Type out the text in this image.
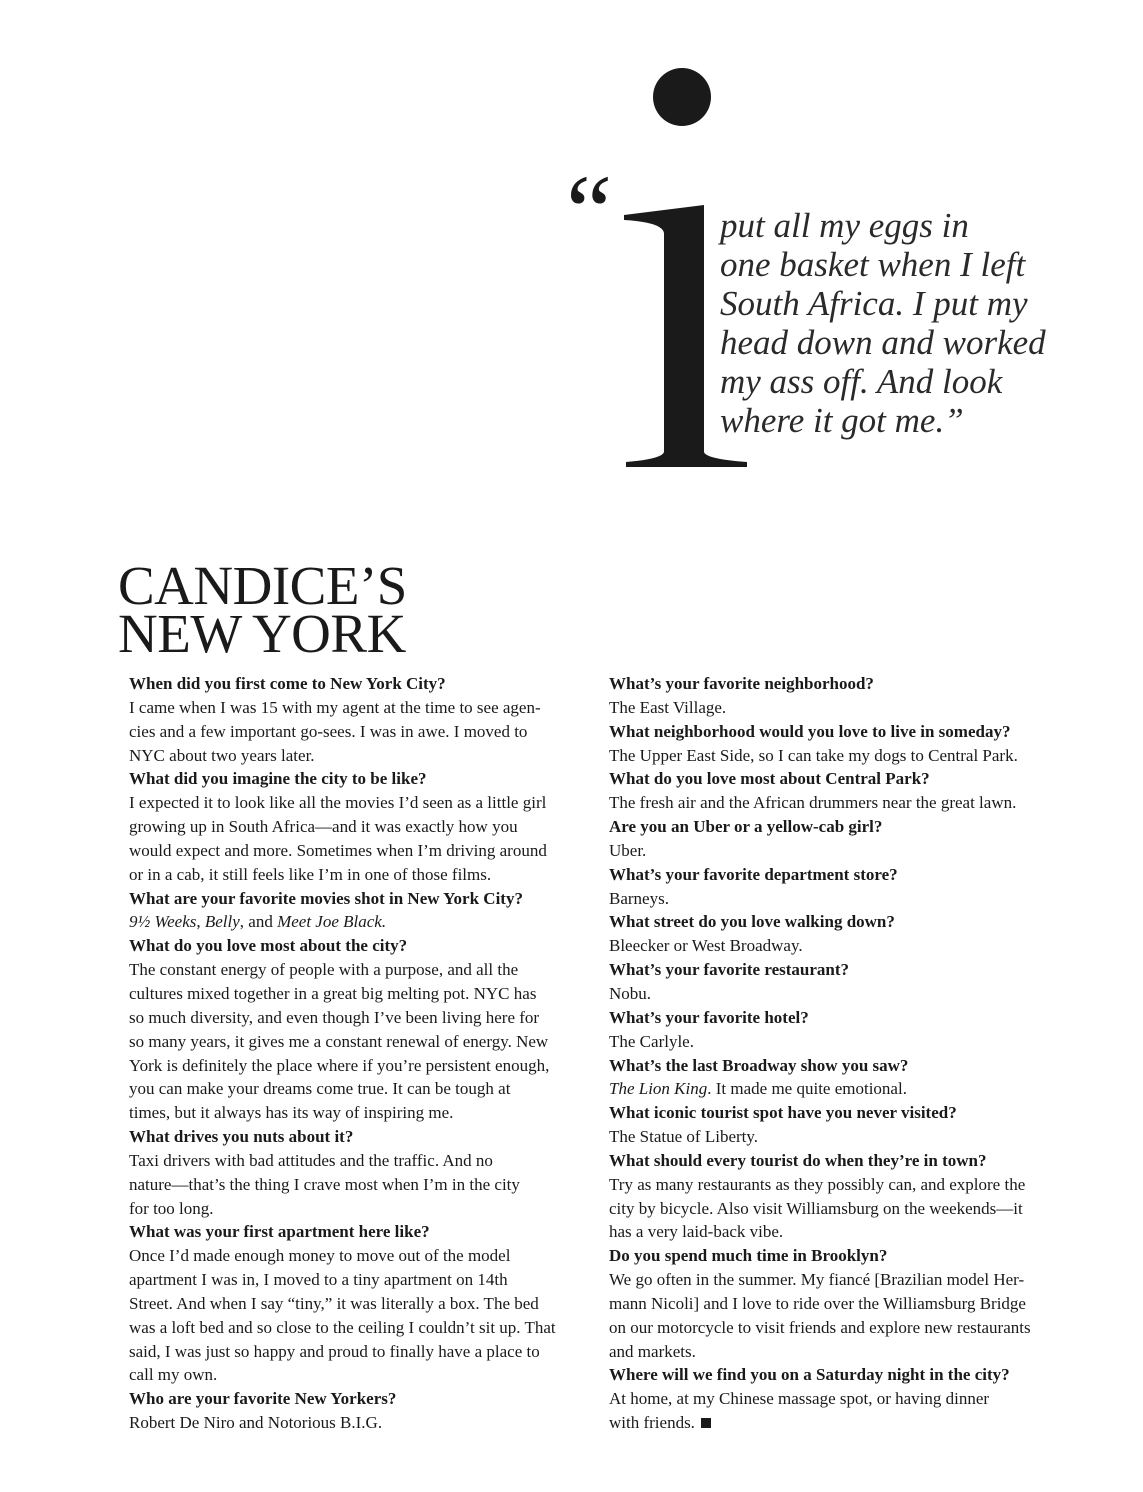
“	put all my eggs in
one basket when I left
South Africa. I put my
head down and worked
my ass off. And look
where it got me.”
CANDICE’S
NEW YORK
When did you first come to New York City?
I came when I was 15 with my agent at the time to see agen-
cies and a few important go-sees. I was in awe. I moved to
NYC about two years later.
What did you imagine the city to be like?
I expected it to look like all the movies I’d seen as a little girl
growing up in South Africa—and it was exactly how you
would expect and more. Sometimes when I’m driving around
or in a cab, it still feels like I’m in one of those films.
What are your favorite movies shot in New York City?
9½ Weeks, Belly, and Meet Joe Black.
What do you love most about the city?
The constant energy of people with a purpose, and all the
cultures mixed together in a great big melting pot. NYC has
so much diversity, and even though I’ve been living here for
so many years, it gives me a constant renewal of energy. New
York is definitely the place where if you’re persistent enough,
you can make your dreams come true. It can be tough at
times, but it always has its way of inspiring me.
What drives you nuts about it?
Taxi drivers with bad attitudes and the traffic. And no
nature—that’s the thing I crave most when I’m in the city
for too long.
What was your first apartment here like?
Once I’d made enough money to move out of the model
apartment I was in, I moved to a tiny apartment on 14th
Street. And when I say “tiny,” it was literally a box. The bed
was a loft bed and so close to the ceiling I couldn’t sit up. That
said, I was just so happy and proud to finally have a place to
call my own.
Who are your favorite New Yorkers?
Robert De Niro and Notorious B.I.G.
What’s your favorite neighborhood?
The East Village.
What neighborhood would you love to live in someday?
The Upper East Side, so I can take my dogs to Central Park.
What do you love most about Central Park?
The fresh air and the African drummers near the great lawn.
Are you an Uber or a yellow-cab girl?
Uber.
What’s your favorite department store?
Barneys.
What street do you love walking down?
Bleecker or West Broadway.
What’s your favorite restaurant?
Nobu.
What’s your favorite hotel?
The Carlyle.
What’s the last Broadway show you saw?
The Lion King. It made me quite emotional.
What iconic tourist spot have you never visited?
The Statue of Liberty.
What should every tourist do when they’re in town?
Try as many restaurants as they possibly can, and explore the
city by bicycle. Also visit Williamsburg on the weekends—it
has a very laid-back vibe.
Do you spend much time in Brooklyn?
We go often in the summer. My fiancé [Brazilian model Her-
mann Nicoli] and I love to ride over the Williamsburg Bridge
on our motorcycle to visit friends and explore new restaurants
and markets.
Where will we find you on a Saturday night in the city?
At home, at my Chinese massage spot, or having dinner
with friends.
